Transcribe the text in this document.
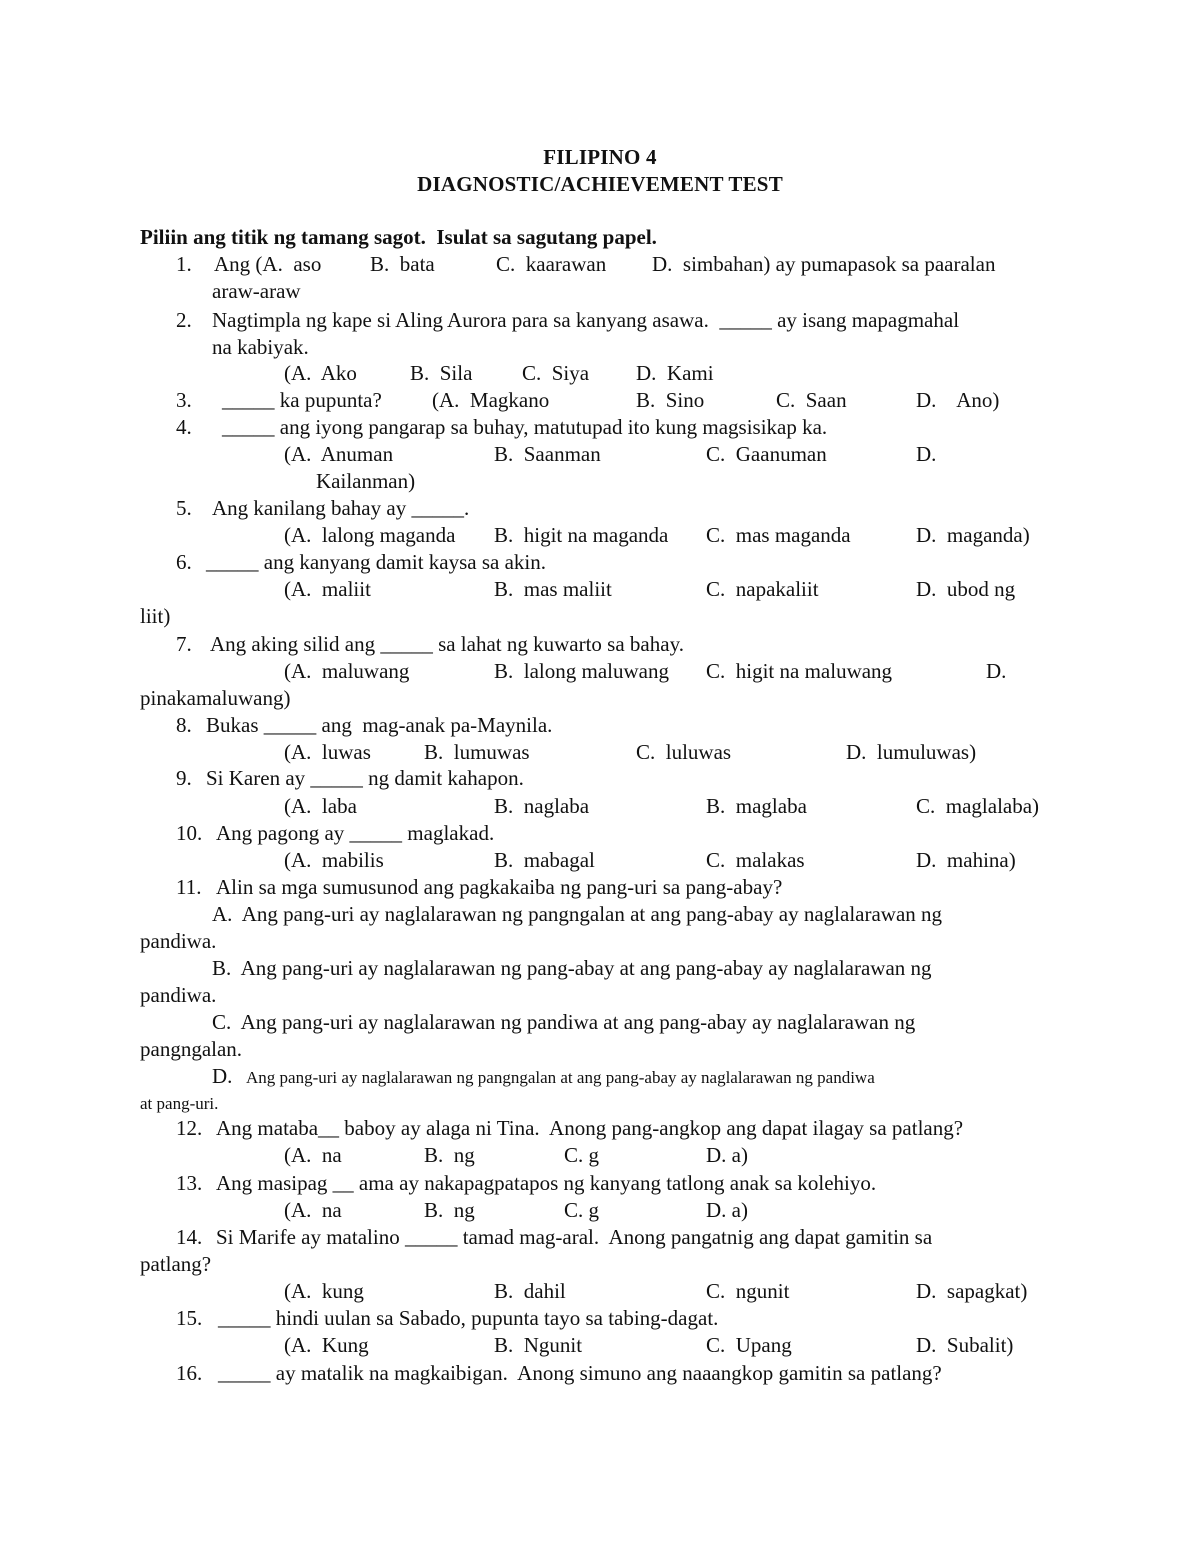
FILIPINO 4
DIAGNOSTIC/ACHIEVEMENT TEST
Piliin ang titik ng tamang sagot.  Isulat sa sagutang papel.
1. Ang (A.  aso B.  bata	C.  kaarawan D.  simbahan) ay pumapasok sa paaralan
araw-araw
2. Nagtimpla ng kape si Aling Aurora para sa kanyang asawa.  _____ ay isang mapagmahal
na kabiyak.
(A.  Ako	B.  Sila C.  Siya D.  Kami
3. _____ ka pupunta? (A.  Magkano	B.  Sino	C.  Saan	D.    Ano)
4. _____ ang iyong pangarap sa buhay, matutupad ito kung magsisikap ka.
(A.  Anuman	B.  Saanman	C.  Gaanuman	D.
Kailanman)
5. Ang kanilang bahay ay _____.
(A.  lalong maganda B.  higit na maganda C.  mas maganda	D.  maganda)
6. _____ ang kanyang damit kaysa sa akin.
(A.  maliit	B.  mas maliit	C.  napakaliit	D.  ubod ng
liit)
7. Ang aking silid ang _____ sa lahat ng kuwarto sa bahay.
(A.  maluwang	B.  lalong maluwang C.  higit na maluwang	D.
pinakamaluwang)
8. Bukas _____ ang  mag-anak pa-Maynila.
(A.  luwas	B.  lumuwas	C.  luluwas	D.  lumuluwas)
9. Si Karen ay _____ ng damit kahapon.
(A.  laba	B.  naglaba	B.  maglaba	C.  maglalaba)
10. Ang pagong ay _____ maglakad.
(A.  mabilis	B.  mabagal	C.  malakas	D.  mahina)
11. Alin sa mga sumusunod ang pagkakaiba ng pang-uri sa pang-abay?
A.  Ang pang-uri ay naglalarawan ng pangngalan at ang pang-abay ay naglalarawan ng
pandiwa.
B.  Ang pang-uri ay naglalarawan ng pang-abay at ang pang-abay ay naglalarawan ng
pandiwa.
C.  Ang pang-uri ay naglalarawan ng pandiwa at ang pang-abay ay naglalarawan ng
pangngalan.
D. Ang pang-uri ay naglalarawan ng pangngalan at ang pang-abay ay naglalarawan ng pandiwa
at pang-uri.
12. Ang mataba__ baboy ay alaga ni Tina.  Anong pang-angkop ang dapat ilagay sa patlang?
(A.  na	B.  ng	C. g	D. a)
13. Ang masipag __ ama ay nakapagpatapos ng kanyang tatlong anak sa kolehiyo.
(A.  na	B.  ng	C. g	D. a)
14. Si Marife ay matalino _____ tamad mag-aral.  Anong pangatnig ang dapat gamitin sa
patlang?
(A.  kung	B.  dahil	C.  ngunit	D.  sapagkat)
15. _____ hindi uulan sa Sabado, pupunta tayo sa tabing-dagat.
(A.  Kung	B.  Ngunit	C.  Upang	D.  Subalit)
16. _____ ay matalik na magkaibigan.  Anong simuno ang naaangkop gamitin sa patlang?
